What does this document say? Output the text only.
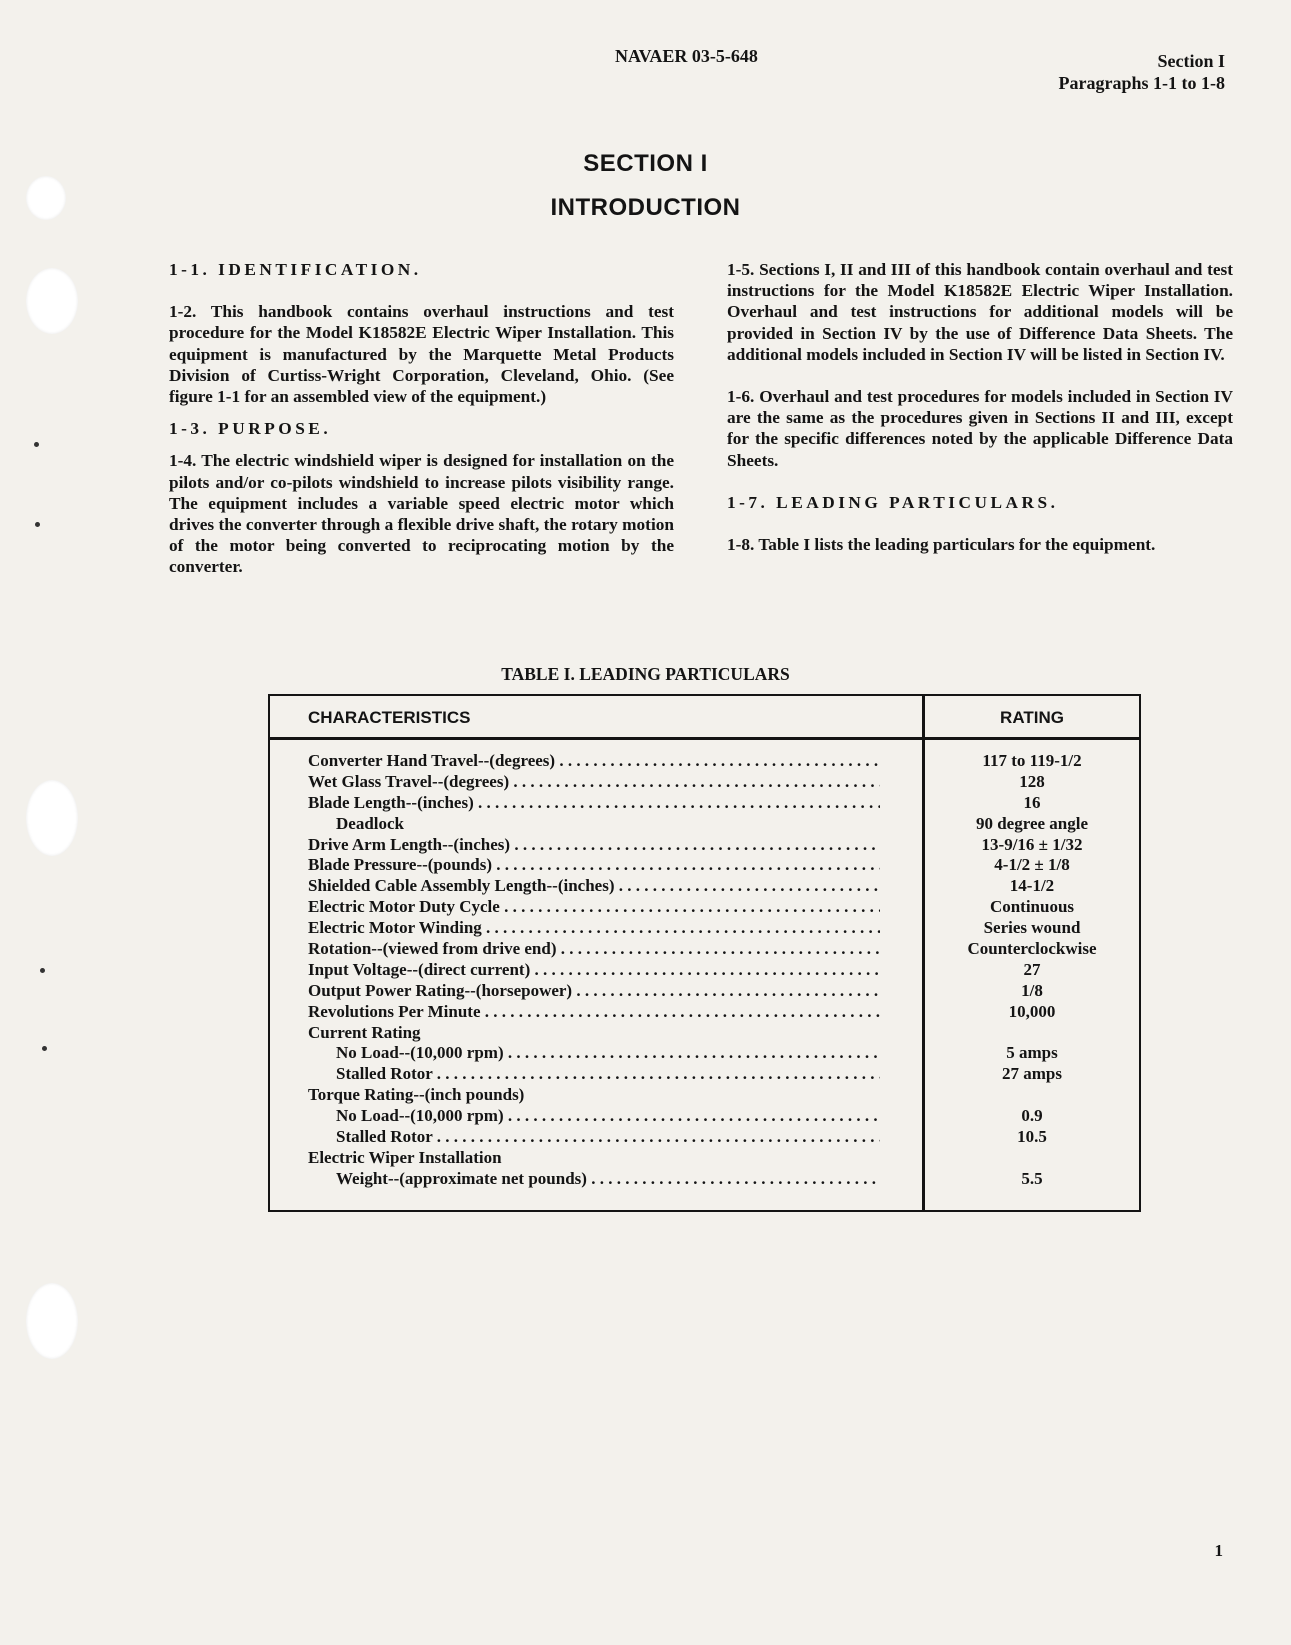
NAVAER 03-5-648	Section I
Paragraphs 1-1 to 1-8
SECTION I
INTRODUCTION

1-1. IDENTIFICATION.

1-2. This handbook contains overhaul instructions and test procedure for the Model K18582E Electric Wiper Installation. This equipment is manufactured by the Marquette Metal Products Division of Curtiss-Wright Corporation, Cleveland, Ohio. (See figure 1-1 for an assembled view of the equipment.)

1-3. PURPOSE.

1-4. The electric windshield wiper is designed for installation on the pilots and/or co-pilots windshield to increase pilots visibility range. The equipment includes a variable speed electric motor which drives the converter through a flexible drive shaft, the rotary motion of the motor being converted to reciprocating motion by the converter.

1-5. Sections I, II and III of this handbook contain overhaul and test instructions for the Model K18582E Electric Wiper Installation. Overhaul and test instructions for additional models will be provided in Section IV by the use of Difference Data Sheets. The additional models included in Section IV will be listed in Section IV.

1-6. Overhaul and test procedures for models included in Section IV are the same as the procedures given in Sections II and III, except for the specific differences noted by the applicable Difference Data Sheets.

1-7. LEADING PARTICULARS.

1-8. Table I lists the leading particulars for the equipment.

TABLE I. LEADING PARTICULARS
CHARACTERISTICS	RATING
Converter Hand Travel--(degrees) . . .	117 to 119-1/2
Wet Glass Travel--(degrees) . . .	128
Blade Length--(inches) . . .	16
Deadlock	90 degree angle
Drive Arm Length--(inches) . . .	13-9/16 ± 1/32
Blade Pressure--(pounds) . . .	4-1/2 ± 1/8
Shielded Cable Assembly Length--(inches) . . .	14-1/2
Electric Motor Duty Cycle . . .	Continuous
Electric Motor Winding . . .	Series wound
Rotation--(viewed from drive end) . . .	Counterclockwise
Input Voltage--(direct current) . . .	27
Output Power Rating--(horsepower) . . .	1/8
Revolutions Per Minute . . .	10,000
Current Rating
No Load--(10,000 rpm) . . .	5 amps
Stalled Rotor . . .	27 amps
Torque Rating--(inch pounds)
No Load--(10,000 rpm) . . .	0.9
Stalled Rotor . . .	10.5
Electric Wiper Installation
Weight--(approximate net pounds) . . .	5.5
1
